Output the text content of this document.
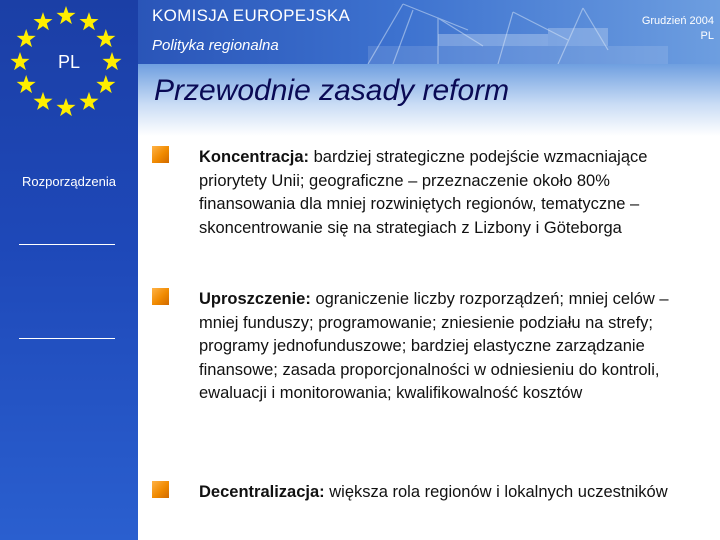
PL
Rozporządzenia
KOMISJA EUROPEJSKA
Polityka regionalna
Grudzień 2004
PL
Przewodnie zasady reform
Koncentracja: bardziej strategiczne podejście wzmacniające priorytety Unii; geograficzne – przeznaczenie około 80% finansowania dla mniej rozwiniętych regionów, tematyczne – skoncentrowanie się na strategiach z Lizbony i Göteborga
Uproszczenie: ograniczenie liczby rozporządzeń; mniej celów – mniej funduszy; programowanie; zniesienie podziału na strefy; programy jednofunduszowe; bardziej elastyczne zarządzanie finansowe; zasada proporcjonalności w odniesieniu do kontroli, ewaluacji i monitorowania; kwalifikowalność kosztów
Decentralizacja: większa rola regionów i lokalnych uczestników
